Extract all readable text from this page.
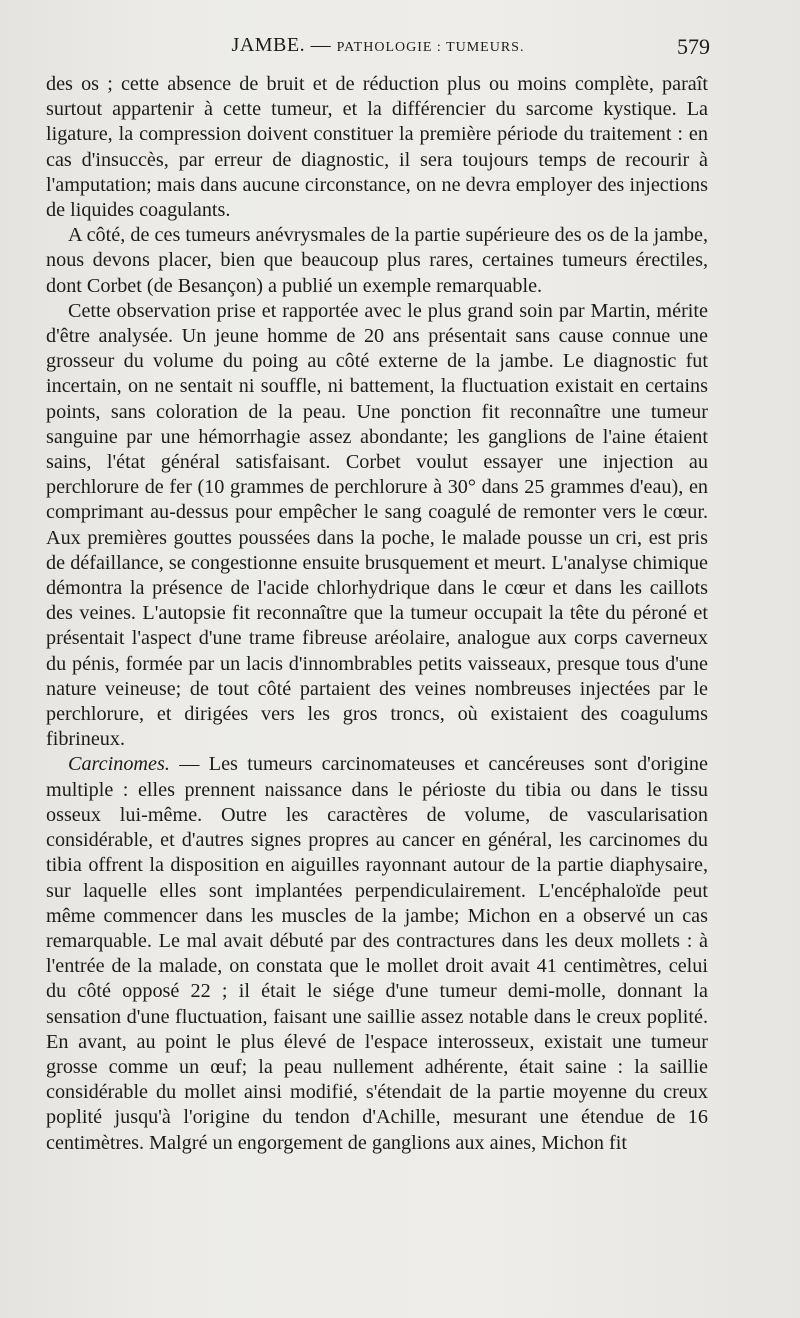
JAMBE. — PATHOLOGIE : TUMEURS.	579

des os ; cette absence de bruit et de réduction plus ou moins complète, paraît surtout appartenir à cette tumeur, et la différencier du sarcome kystique. La ligature, la compression doivent constituer la première période du traitement : en cas d'insuccès, par erreur de diagnostic, il sera toujours temps de recourir à l'amputation; mais dans aucune circonstance, on ne devra employer des injections de liquides coagulants.

A côté, de ces tumeurs anévrysmales de la partie supérieure des os de la jambe, nous devons placer, bien que beaucoup plus rares, certaines tumeurs érectiles, dont Corbet (de Besançon) a publié un exemple remarquable.

Cette observation prise et rapportée avec le plus grand soin par Martin, mérite d'être analysée. Un jeune homme de 20 ans présentait sans cause connue une grosseur du volume du poing au côté externe de la jambe. Le diagnostic fut incertain, on ne sentait ni souffle, ni battement, la fluctuation existait en certains points, sans coloration de la peau. Une ponction fit reconnaître une tumeur sanguine par une hémorrhagie assez abondante; les ganglions de l'aine étaient sains, l'état général satisfaisant. Corbet voulut essayer une injection au perchlorure de fer (10 grammes de perchlorure à 30° dans 25 grammes d'eau), en comprimant au-dessus pour empêcher le sang coagulé de remonter vers le cœur. Aux premières gouttes poussées dans la poche, le malade pousse un cri, est pris de défaillance, se congestionne ensuite brusquement et meurt. L'analyse chimique démontra la présence de l'acide chlorhydrique dans le cœur et dans les caillots des veines. L'autopsie fit reconnaître que la tumeur occupait la tête du péroné et présentait l'aspect d'une trame fibreuse aréolaire, analogue aux corps caverneux du pénis, formée par un lacis d'innombrables petits vaisseaux, presque tous d'une nature veineuse; de tout côté partaient des veines nombreuses injectées par le perchlorure, et dirigées vers les gros troncs, où existaient des coagulums fibrineux.

Carcinomes. — Les tumeurs carcinomateuses et cancéreuses sont d'origine multiple : elles prennent naissance dans le périoste du tibia ou dans le tissu osseux lui-même. Outre les caractères de volume, de vascularisation considérable, et d'autres signes propres au cancer en général, les carcinomes du tibia offrent la disposition en aiguilles rayonnant autour de la partie diaphysaire, sur laquelle elles sont implantées perpendiculairement. L'encéphaloïde peut même commencer dans les muscles de la jambe; Michon en a observé un cas remarquable. Le mal avait débuté par des contractures dans les deux mollets : à l'entrée de la malade, on constata que le mollet droit avait 41 centimètres, celui du côté opposé 22 ; il était le siége d'une tumeur demi-molle, donnant la sensation d'une fluctuation, faisant une saillie assez notable dans le creux poplité. En avant, au point le plus élevé de l'espace interosseux, existait une tumeur grosse comme un œuf; la peau nullement adhérente, était saine : la saillie considérable du mollet ainsi modifié, s'étendait de la partie moyenne du creux poplité jusqu'à l'origine du tendon d'Achille, mesurant une étendue de 16 centimètres. Malgré un engorgement de ganglions aux aines, Michon fit
